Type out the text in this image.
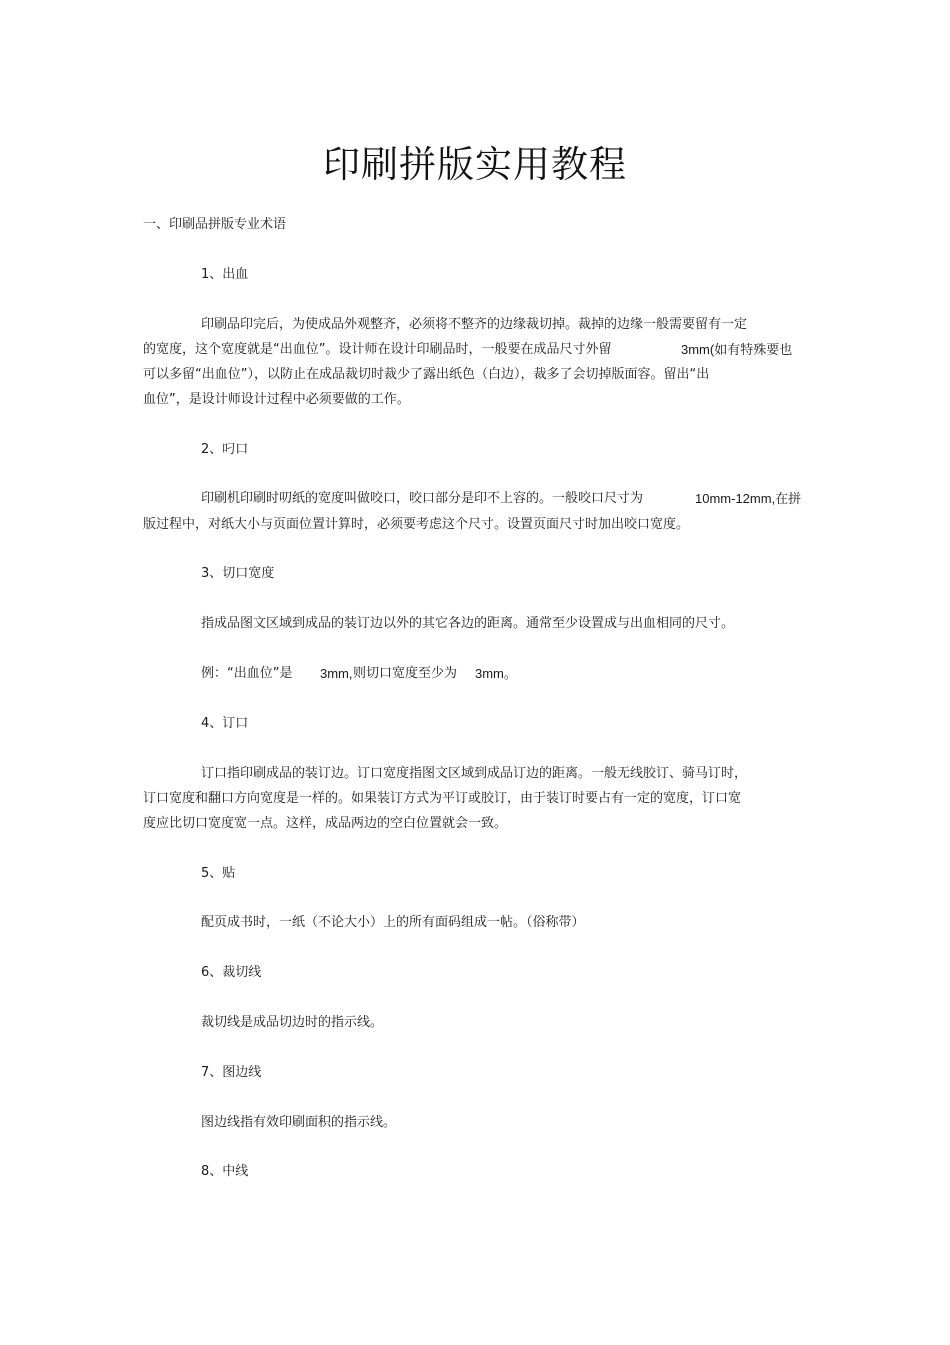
印刷拼版实用教程
一、印刷品拼版专业术语
1、出血
印刷品印完后，为使成品外观整齐，必须将不整齐的边缘裁切掉。裁掉的边缘一般需要留有一定
的宽度，这个宽度就是“出血位”。设计师在设计印刷品时，一般要在成品尺寸外留	3mm(如有特殊要也
可以多留“出血位”），以防止在成品裁切时裁少了露出纸色（白边），裁多了会切掉版面容。留出“出
血位”，是设计师设计过程中必须要做的工作。
2、叼口
印刷机印刷时叨纸的宽度叫做咬口，咬口部分是印不上容的。一般咬口尺寸为	10mm-12mm,在拼
版过程中，对纸大小与页面位置计算时，必须要考虑这个尺寸。设置页面尺寸时加出咬口宽度。
3、切口宽度
指成品图文区域到成品的装订边以外的其它各边的距离。通常至少设置成与出血相同的尺寸。
例：“出血位”是 3mm, 则切口宽度至少为 3mm。
4、订口
订口指印刷成品的装订边。订口宽度指图文区域到成品订边的距离。一般无线胶订、骑马订时，
订口宽度和翻口方向宽度是一样的。如果装订方式为平订或胶订，由于装订时要占有一定的宽度，订口宽
度应比切口宽度宽一点。这样，成品两边的空白位置就会一致。
5、贴
配页成书时，一纸（不论大小）上的所有面码组成一帖。（俗称带）
6、裁切线
裁切线是成品切边时的指示线。
7、图边线
图边线指有效印刷面积的指示线。
8、中线
